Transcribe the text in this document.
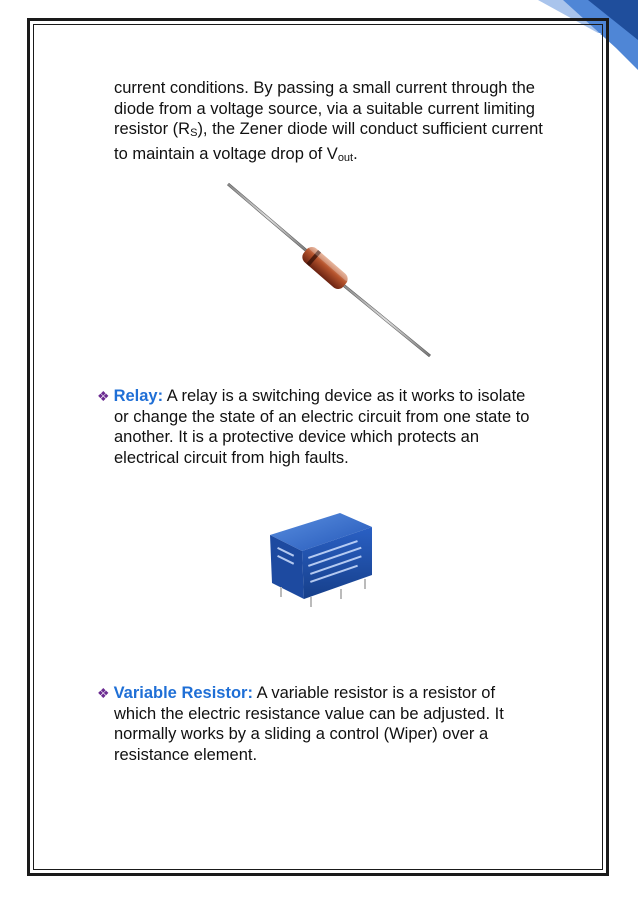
17
current conditions. By passing a small current through the
diode from a voltage source, via a suitable current limiting
resistor $(R_S)$, the Zener diode will conduct sufficient current
to maintain a voltage drop of $V_{out}$.
❖ Relay: A relay is a switching device as it works to isolate
or change the state of an electric circuit from one state to
another. It is a protective device which protects an
electrical circuit from high faults.
❖ Variable Resistor: A variable resistor is a resistor of
which the electric resistance value can be adjusted. It
normally works by a sliding a control (Wiper) over a
resistance element.
